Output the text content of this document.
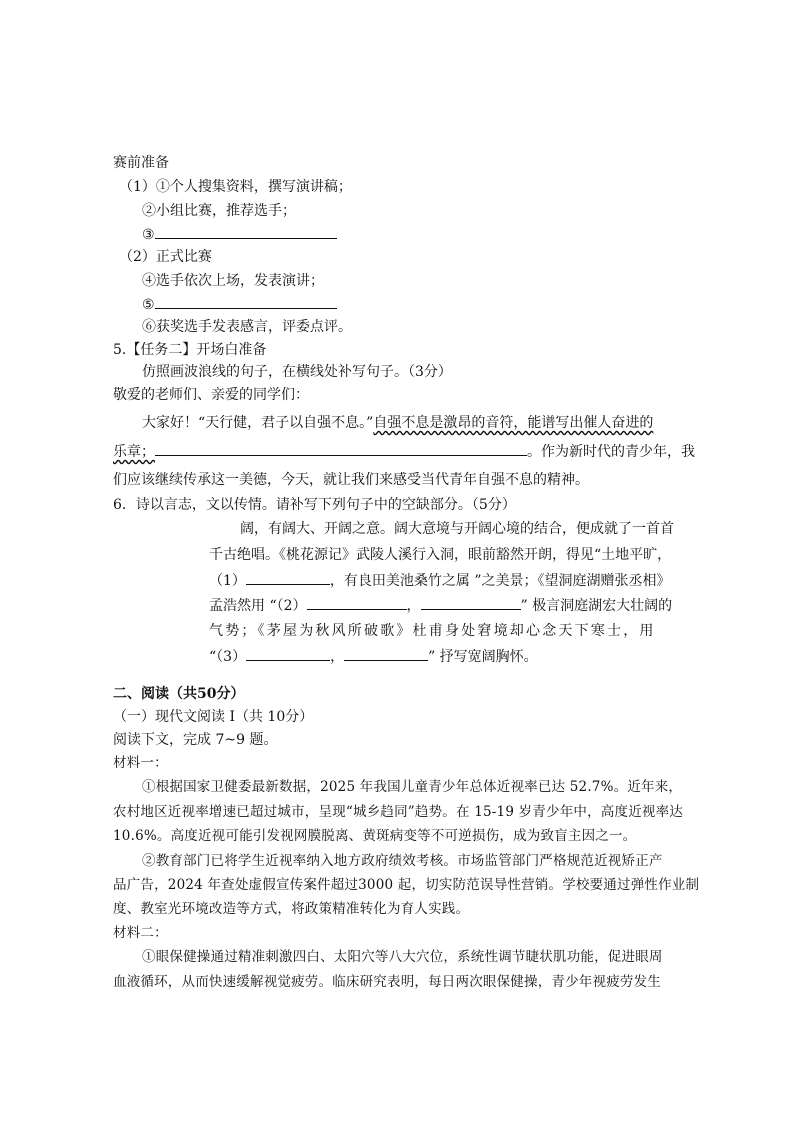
赛前准备
（1）①个人搜集资料，撰写演讲稿；
②小组比赛，推荐选手；
③
（2）正式比赛
④选手依次上场，发表演讲；
⑤
⑥获奖选手发表感言，评委点评。
5.【任务二】开场白准备
仿照画波浪线的句子，在横线处补写句子。（3分）
敬爱的老师们、亲爱的同学们：
大家好！“天行健，君子以自强不息。”自强不息是激昂的音符，能谱写出催人奋进的
乐章；	。作为新时代的青少年，我
们应该继续传承这一美德，今天，就让我们来感受当代青年自强不息的精神。
6．诗以言志，文以传情。请补写下列句子中的空缺部分。（5分）
阔，有阔大、开阔之意。阔大意境与开阔心境的结合，便成就了一首首
千古绝唱。《桃花源记》武陵人溪行入洞，眼前豁然开朗，得见“土地平旷，
（1）	，有良田美池桑竹之属 ”之美景；《望洞庭湖赠张丞相》
孟浩然用 “（2）	，	” 极言洞庭湖宏大壮阔的
气势；《茅屋为秋风所破歌》杜甫身处窘境却心念天下寒士，用
“（3）	，	” 抒写宽阔胸怀。
二、阅读（共50分）
（一）现代文阅读 I（共 10分）
阅读下文，完成 7~9 题。
材料一：
①根据国家卫健委最新数据，2025 年我国儿童青少年总体近视率已达 52.7%。近年来，
农村地区近视率增速已超过城市，呈现“城乡趋同”趋势。在 15-19 岁青少年中，高度近视率达
10.6%。高度近视可能引发视网膜脱离、黄斑病变等不可逆损伤，成为致盲主因之一。
②教育部门已将学生近视率纳入地方政府绩效考核。市场监管部门严格规范近视矫正产
品广告，2024 年查处虚假宣传案件超过3000 起，切实防范误导性营销。学校要通过弹性作业制
度、教室光环境改造等方式，将政策精准转化为育人实践。
材料二：
①眼保健操通过精准刺激四白、太阳穴等八大穴位，系统性调节睫状肌功能，促进眼周
血液循环，从而快速缓解视觉疲劳。临床研究表明，每日两次眼保健操，青少年视疲劳发生
